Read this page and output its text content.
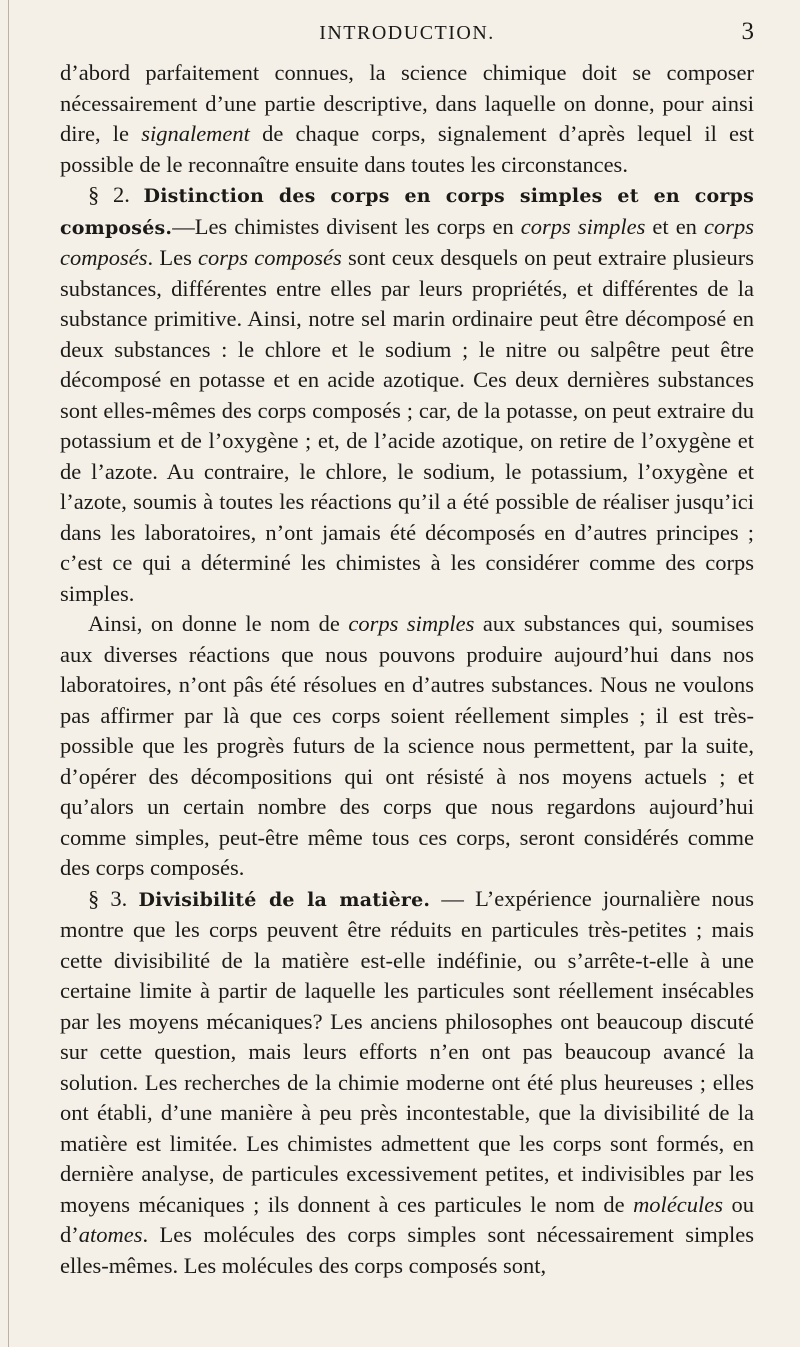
INTRODUCTION.	3

d’abord parfaitement connues, la science chimique doit se composer nécessairement d’une partie descriptive, dans laquelle on donne, pour ainsi dire, le signalement de chaque corps, signalement d’après lequel il est possible de le reconnaître ensuite dans toutes les circonstances.

§ 2. Distinction des corps en corps simples et en corps composés.—Les chimistes divisent les corps en corps simples et en corps composés. Les corps composés sont ceux desquels on peut extraire plusieurs substances, différentes entre elles par leurs propriétés, et différentes de la substance primitive. Ainsi, notre sel marin ordinaire peut être décomposé en deux substances : le chlore et le sodium ; le nitre ou salpêtre peut être décomposé en potasse et en acide azotique. Ces deux dernières substances sont elles-mêmes des corps composés ; car, de la potasse, on peut extraire du potassium et de l’oxygène ; et, de l’acide azotique, on retire de l’oxygène et de l’azote. Au contraire, le chlore, le sodium, le potassium, l’oxygène et l’azote, soumis à toutes les réactions qu’il a été possible de réaliser jusqu’ici dans les laboratoires, n’ont jamais été décomposés en d’autres principes ; c’est ce qui a déterminé les chimistes à les considérer comme des corps simples.

Ainsi, on donne le nom de corps simples aux substances qui, soumises aux diverses réactions que nous pouvons produire aujourd’hui dans nos laboratoires, n’ont pâs été résolues en d’autres substances. Nous ne voulons pas affirmer par là que ces corps soient réellement simples ; il est très-possible que les progrès futurs de la science nous permettent, par la suite, d’opérer des décompositions qui ont résisté à nos moyens actuels ; et qu’alors un certain nombre des corps que nous regardons aujourd’hui comme simples, peut-être même tous ces corps, seront considérés comme des corps composés.

§ 3. Divisibilité de la matière. — L’expérience journalière nous montre que les corps peuvent être réduits en particules très-petites ; mais cette divisibilité de la matière est-elle indéfinie, ou s’arrête-t-elle à une certaine limite à partir de laquelle les particules sont réellement insécables par les moyens mécaniques? Les anciens philosophes ont beaucoup discuté sur cette question, mais leurs efforts n’en ont pas beaucoup avancé la solution. Les recherches de la chimie moderne ont été plus heureuses ; elles ont établi, d’une manière à peu près incontestable, que la divisibilité de la matière est limitée. Les chimistes admettent que les corps sont formés, en dernière analyse, de particules excessivement petites, et indivisibles par les moyens mécaniques ; ils donnent à ces particules le nom de molécules ou d’atomes. Les molécules des corps simples sont nécessairement simples elles-mêmes. Les molécules des corps composés sont,
